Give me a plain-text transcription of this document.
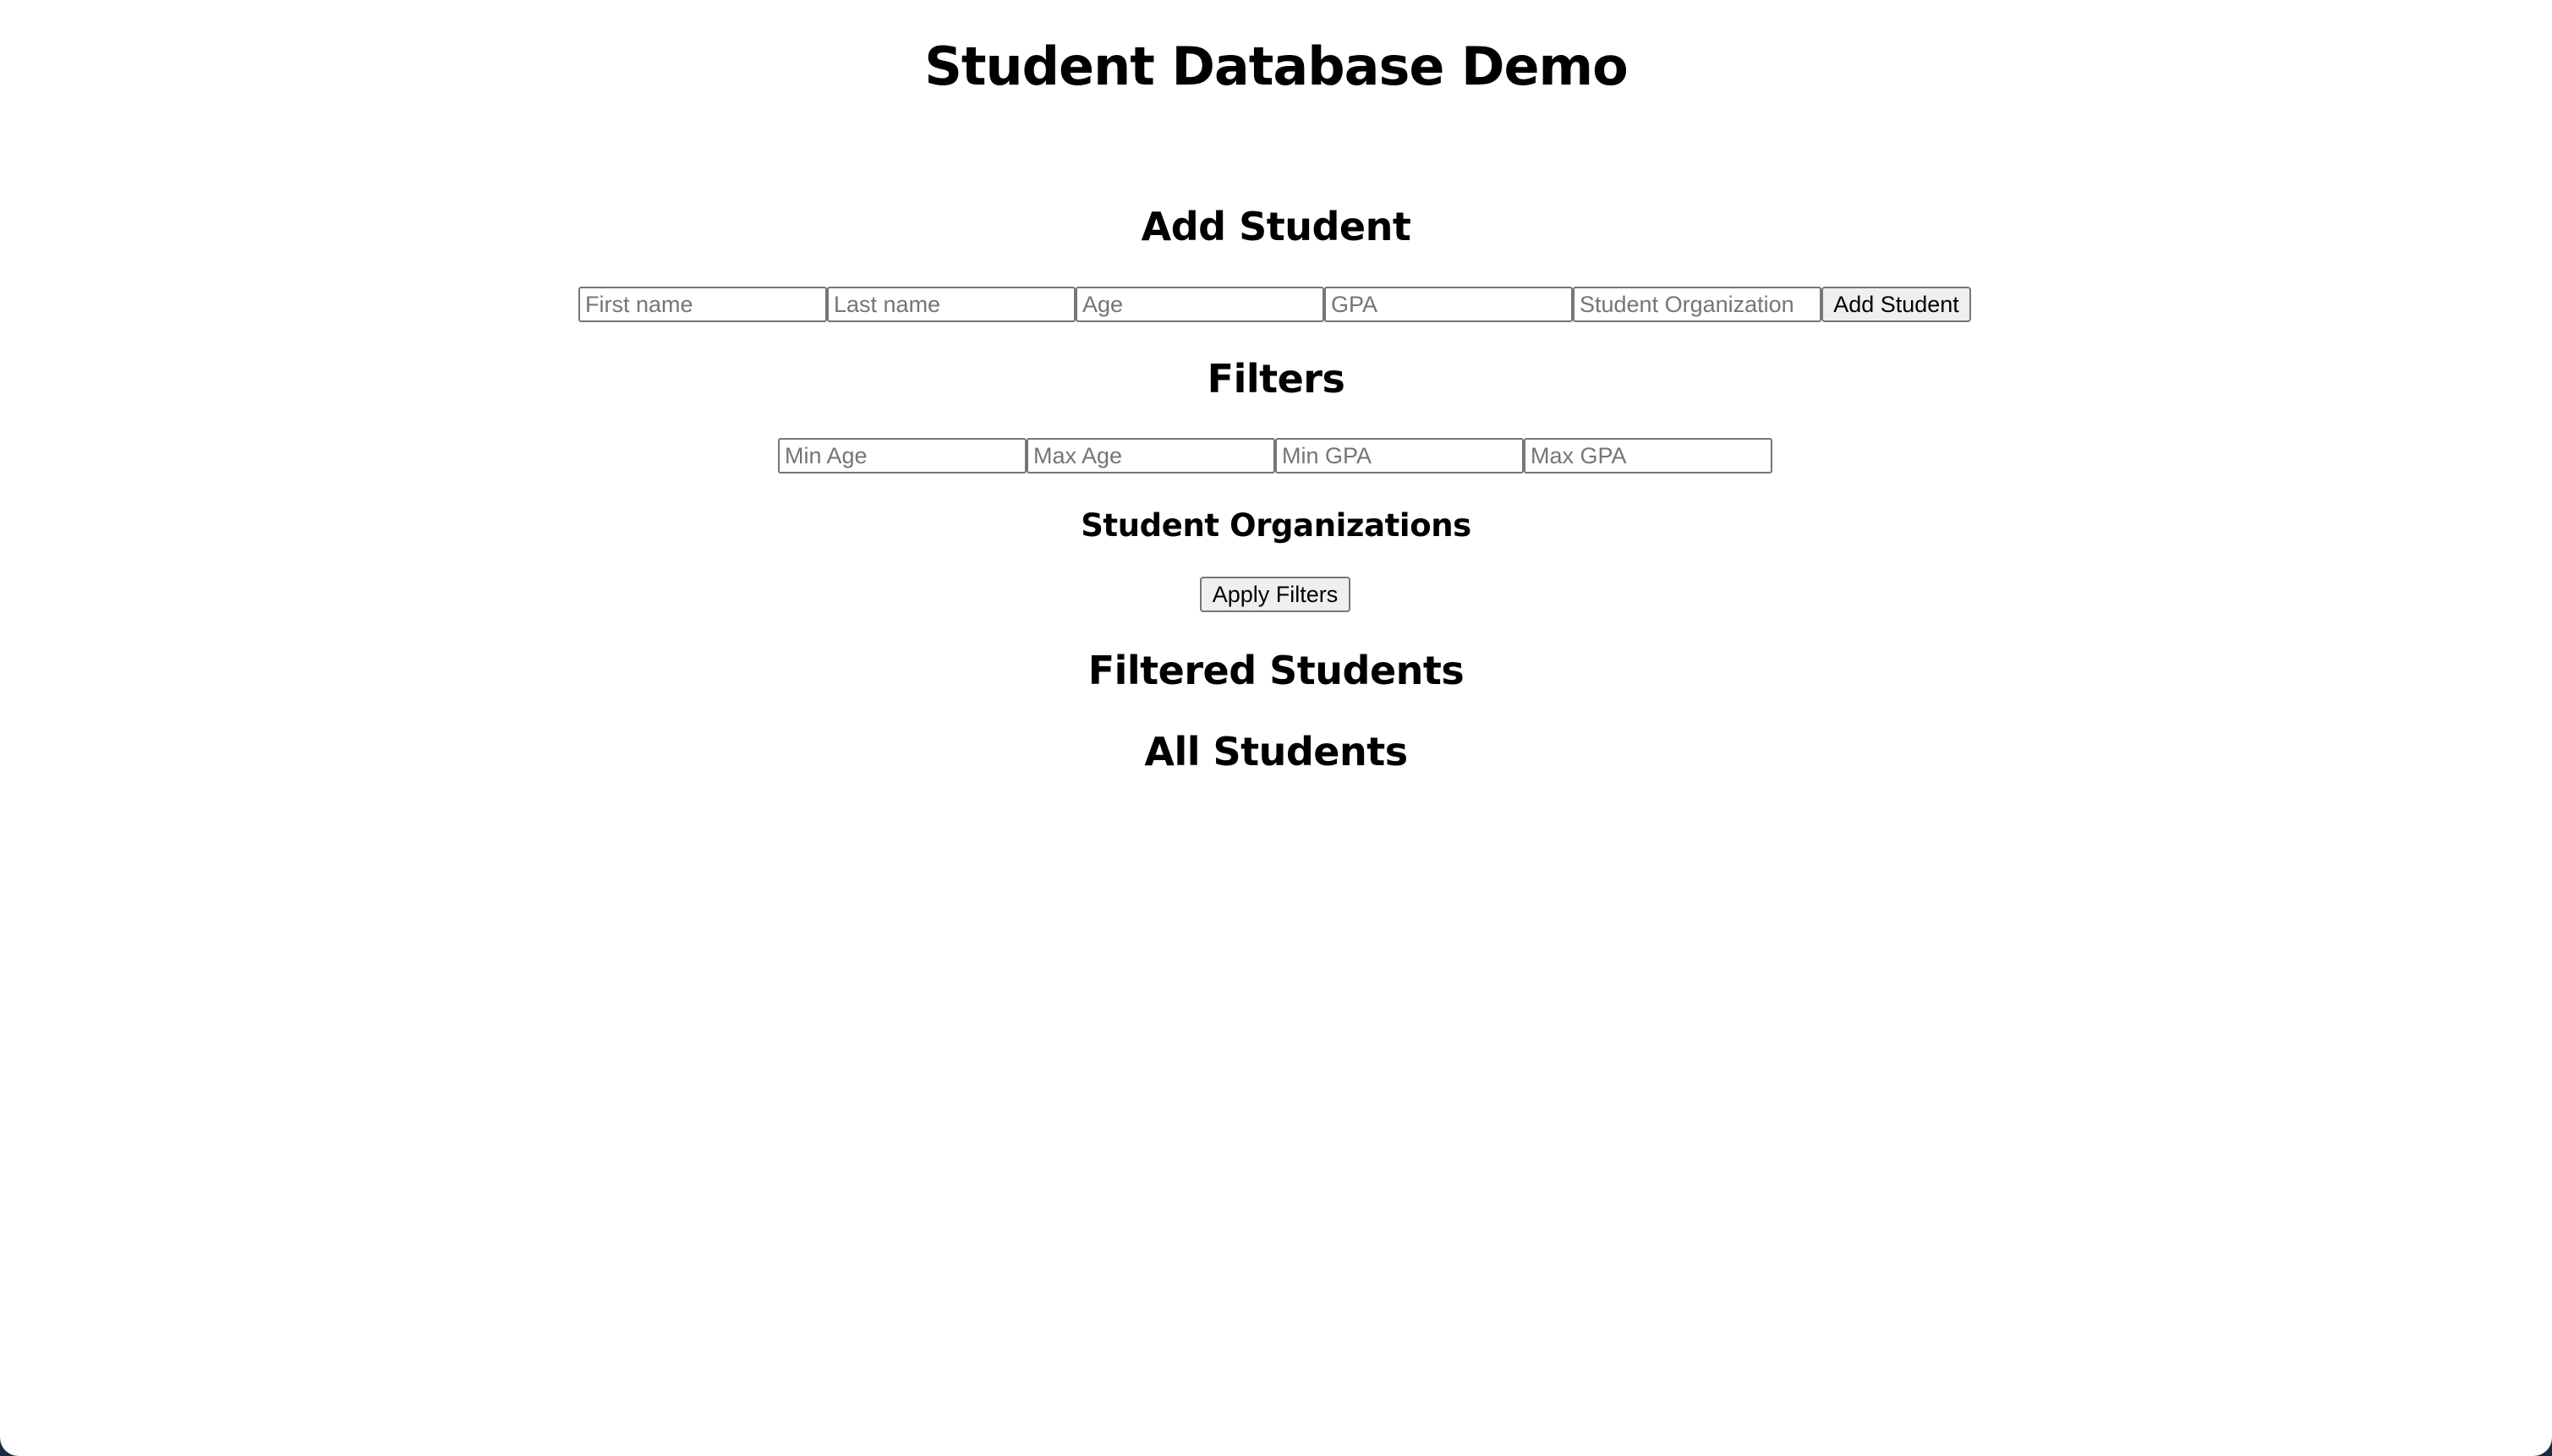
Student Database Demo
Add Student
First name
Last name
Age
GPA
Student Organization
Add Student
Filters
Min Age
Max Age
Min GPA
Max GPA
Student Organizations
Apply Filters
Filtered Students
All Students
